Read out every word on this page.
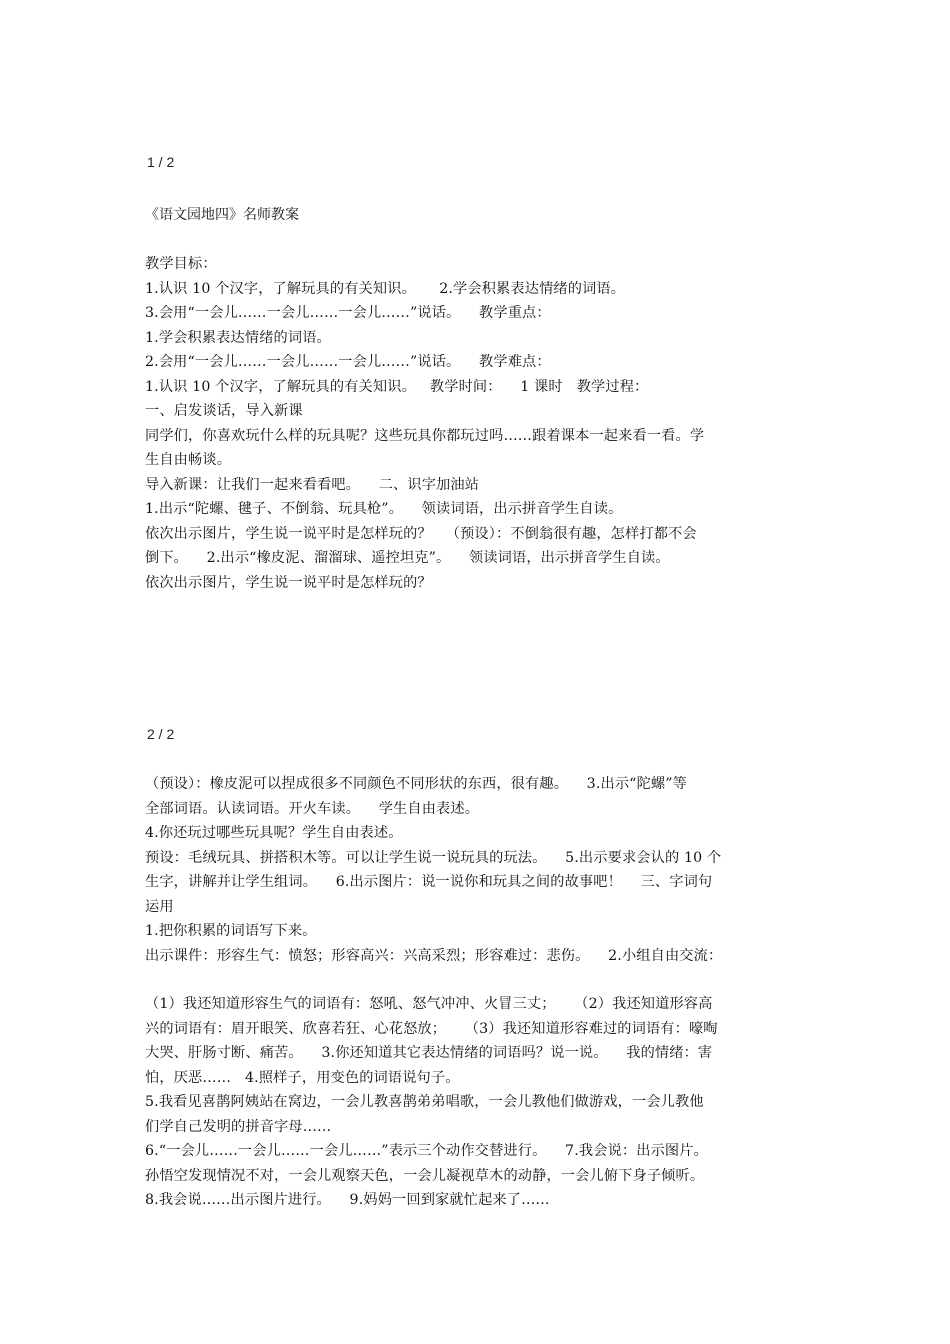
1 / 2
《语文园地四》名师教案

教学目标：

1.认识 10 个汉字，了解玩具的有关知识。     2.学会积累表达情绪的词语。

3.会用“一会儿……一会儿……一会儿……”说话。    教学重点：

1.学会积累表达情绪的词语。

2.会用“一会儿……一会儿……一会儿……”说话。    教学难点：

1.认识 10 个汉字，了解玩具的有关知识。   教学时间：    1 课时   教学过程：

一、启发谈话，导入新课

同学们，你喜欢玩什么样的玩具呢？这些玩具你都玩过吗……跟着课本一起来看一看。学

生自由畅谈。

导入新课：让我们一起来看看吧。    二、识字加油站

1.出示“陀螺、毽子、不倒翁、玩具枪”。    领读词语，出示拼音学生自读。

依次出示图片，学生说一说平时是怎样玩的？   （预设）：不倒翁很有趣，怎样打都不会

倒下。    2.出示“橡皮泥、溜溜球、遥控坦克”。    领读词语，出示拼音学生自读。

依次出示图片，学生说一说平时是怎样玩的？

2 / 2

（预设）：橡皮泥可以捏成很多不同颜色不同形状的东西，很有趣。    3.出示“陀螺”等

全部词语。认读词语。开火车读。    学生自由表述。

4.你还玩过哪些玩具呢？学生自由表述。

预设：毛绒玩具、拼搭积木等。可以让学生说一说玩具的玩法。    5.出示要求会认的 10 个

生字，讲解并让学生组词。    6.出示图片：说一说你和玩具之间的故事吧！    三、字词句

运用

1.把你积累的词语写下来。

出示课件：形容生气：愤怒；形容高兴：兴高采烈；形容难过：悲伤。    2.小组自由交流：

（1）我还知道形容生气的词语有：怒吼、怒气冲冲、火冒三丈；    （2）我还知道形容高

兴的词语有：眉开眼笑、欣喜若狂、心花怒放；    （3）我还知道形容难过的词语有：嚎啕

大哭、肝肠寸断、痛苦。    3.你还知道其它表达情绪的词语吗？说一说。    我的情绪：害

怕，厌恶……   4.照样子，用变色的词语说句子。

5.我看见喜鹊阿姨站在窝边，一会儿教喜鹊弟弟唱歌，一会儿教他们做游戏，一会儿教他

们学自己发明的拼音字母……

6.“一会儿……一会儿……一会儿……”表示三个动作交替进行。    7.我会说：出示图片。

孙悟空发现情况不对，一会儿观察天色，一会儿凝视草木的动静，一会儿俯下身子倾听。

8.我会说……出示图片进行。    9.妈妈一回到家就忙起来了……
